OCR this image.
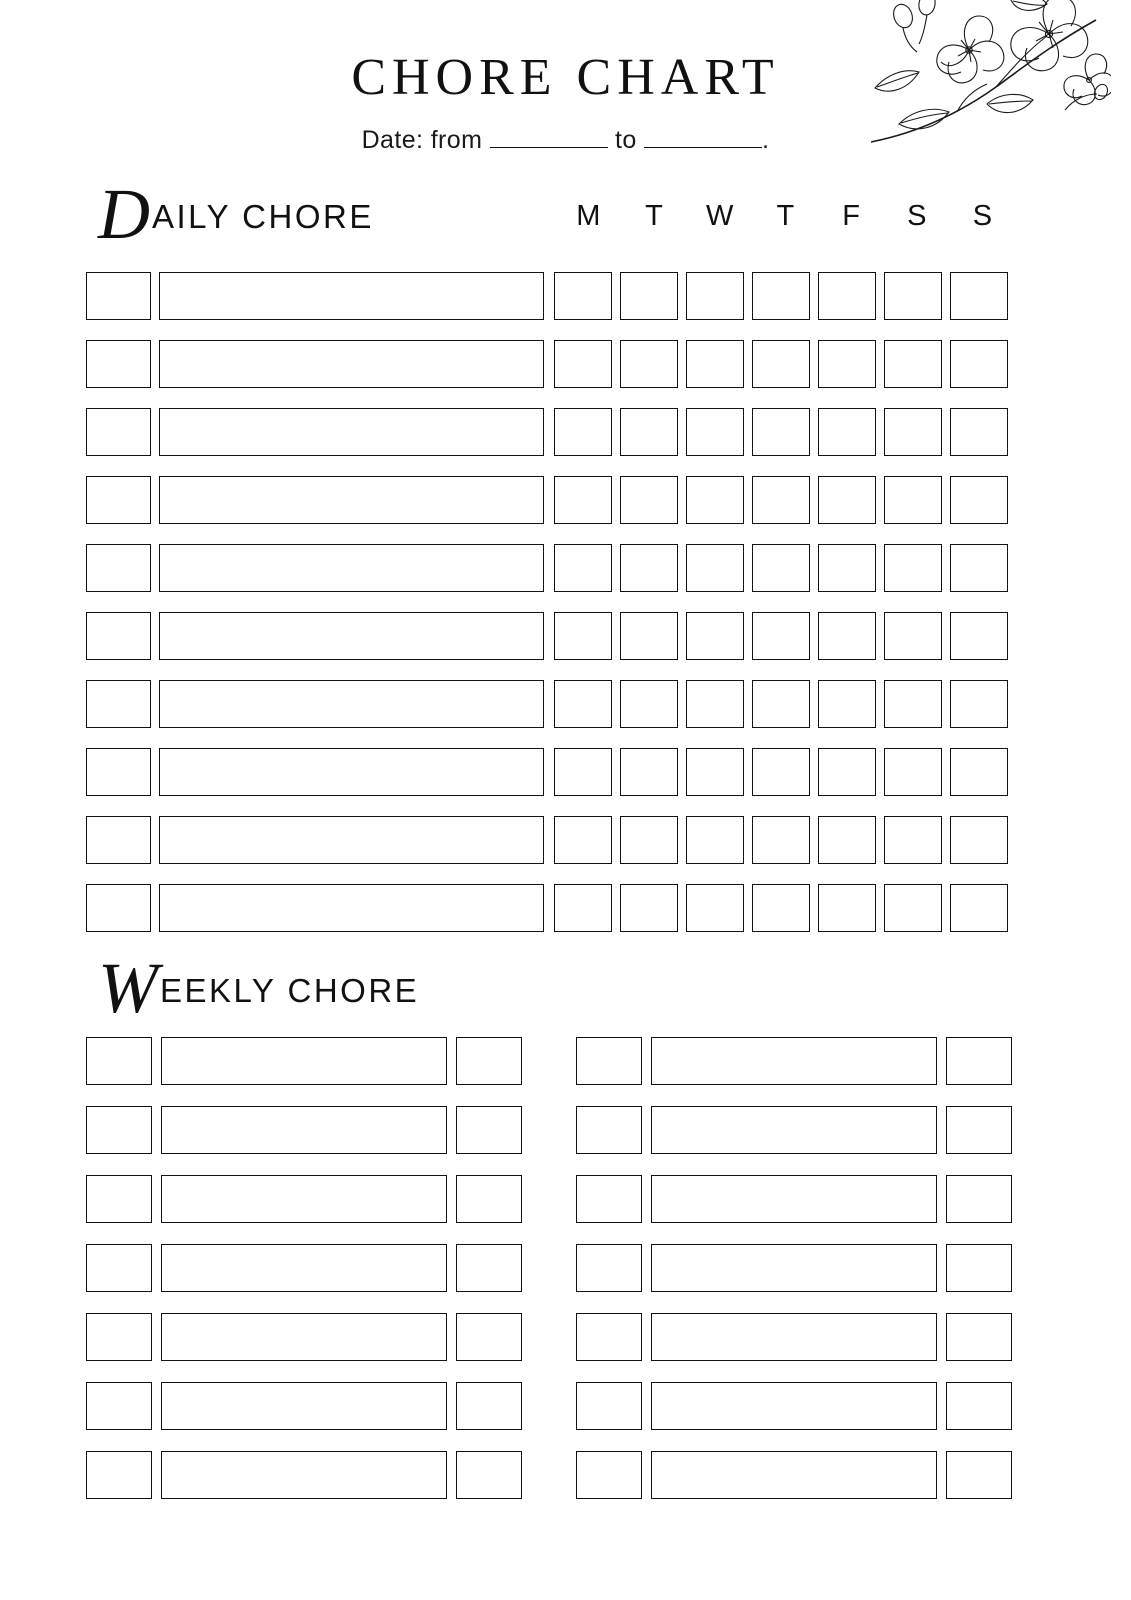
CHORE CHART
Date: from	to	.
D AILY CHORE	M	T	W	T	F	S	S
W EEKLY CHORE
